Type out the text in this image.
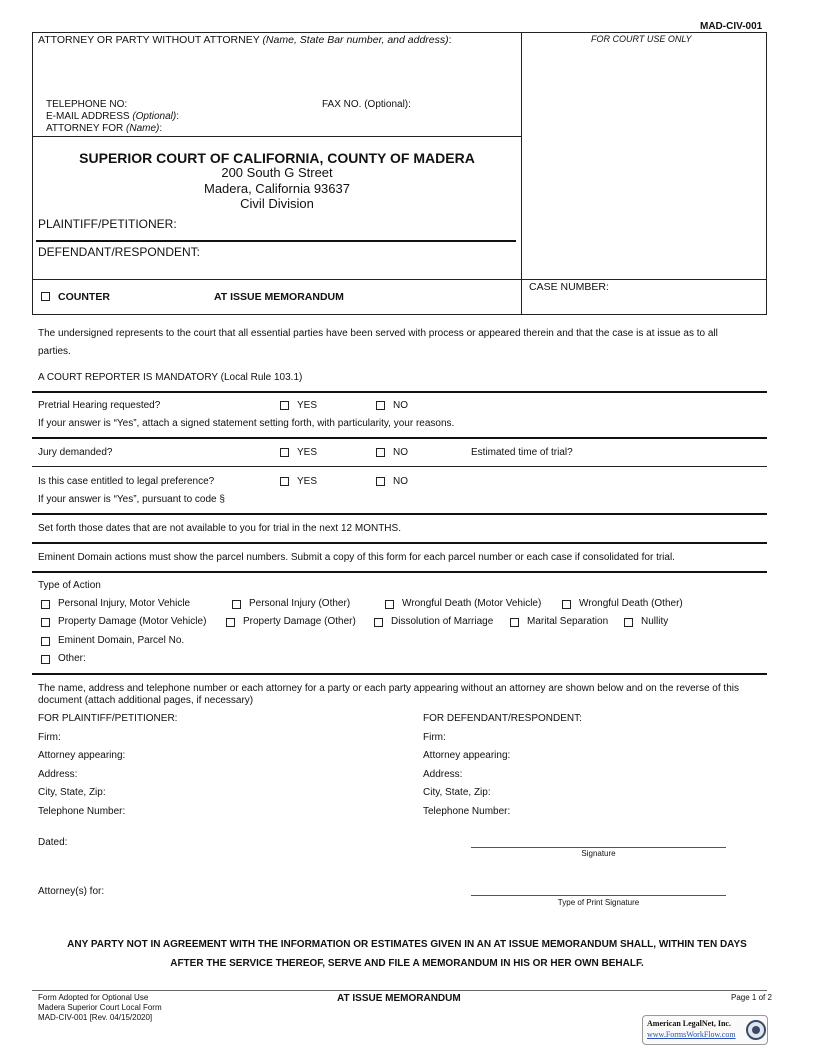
MAD-CIV-001
ATTORNEY OR PARTY WITHOUT ATTORNEY (Name, State Bar number, and address):	FOR COURT USE ONLY
TELEPHONE NO:	FAX NO. (Optional):
E-MAIL ADDRESS (Optional):
ATTORNEY FOR (Name):
SUPERIOR COURT OF CALIFORNIA, COUNTY OF MADERA
200 South G Street
Madera, California 93637
Civil Division
PLAINTIFF/PETITIONER:
DEFENDANT/RESPONDENT:
COUNTER	AT ISSUE MEMORANDUM
CASE NUMBER:
The undersigned represents to the court that all essential parties have been served with process or appeared therein and that the case is at issue as to all
parties.
A COURT REPORTER IS MANDATORY (Local Rule 103.1)
Pretrial Hearing requested?	YES	NO
If your answer is “Yes”, attach a signed statement setting forth, with particularity, your reasons.
Jury demanded?	YES	NO	Estimated time of trial?
Is this case entitled to legal preference?	YES	NO
If your answer is “Yes”, pursuant to code §
Set forth those dates that are not available to you for trial in the next 12 MONTHS.
Eminent Domain actions must show the parcel numbers. Submit a copy of this form for each parcel number or each case if consolidated for trial.
Type of Action
Personal Injury, Motor Vehicle	Personal Injury (Other)	Wrongful Death (Motor Vehicle)	Wrongful Death (Other)
Property Damage (Motor Vehicle)	Property Damage (Other)	Dissolution of Marriage	Marital Separation	Nullity
Eminent Domain, Parcel No.
Other:
The name, address and telephone number or each attorney for a party or each party appearing without an attorney are shown below and on the reverse of this document (attach additional pages, if necessary)
FOR PLAINTIFF/PETITIONER:
Firm:
Attorney appearing:
Address:
City, State, Zip:
Telephone Number:
FOR DEFENDANT/RESPONDENT:
Firm:
Attorney appearing:
Address:
City, State, Zip:
Telephone Number:
Dated:
Signature
Attorney(s) for:
Type of Print Signature
ANY PARTY NOT IN AGREEMENT WITH THE INFORMATION OR ESTIMATES GIVEN IN AN AT ISSUE MEMORANDUM SHALL, WITHIN TEN DAYS
AFTER THE SERVICE THEREOF, SERVE AND FILE A MEMORANDUM IN HIS OR HER OWN BEHALF.
Form Adopted for Optional Use
Madera Superior Court Local Form
MAD-CIV-001 [Rev. 04/15/2020]
AT ISSUE MEMORANDUM	Page 1 of 2
American LegalNet, Inc.
www.FormsWorkFlow.com
